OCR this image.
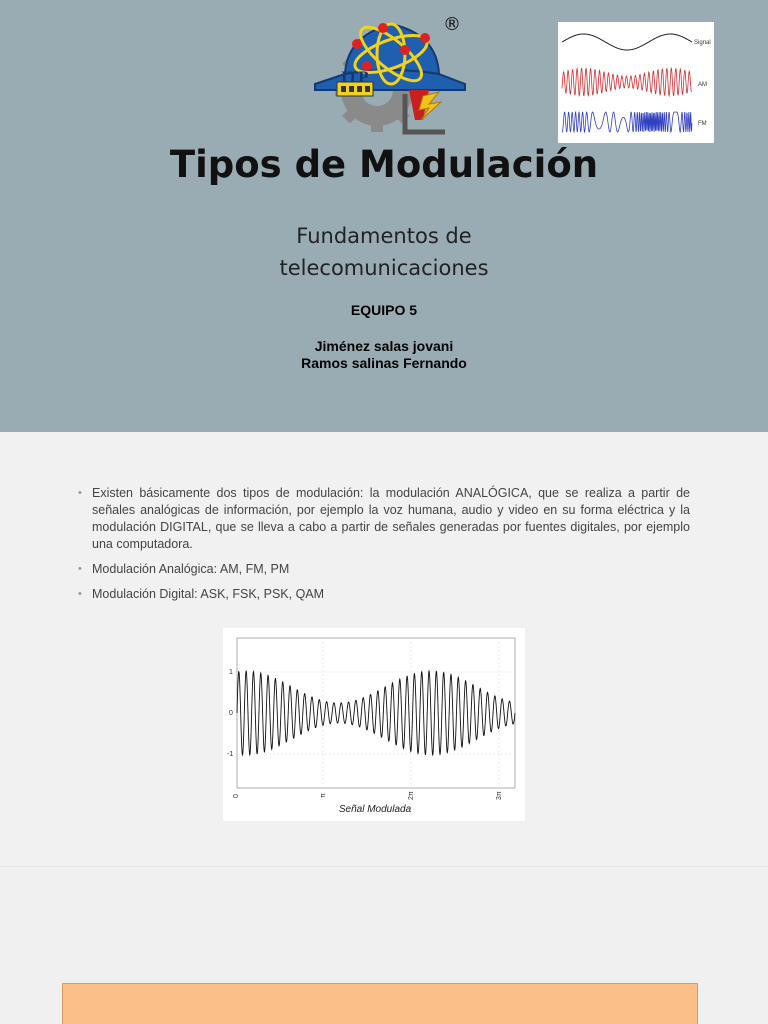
ITP
®
Signal
AM
FM
Tipos de Modulación
Fundamentos de
telecomunicaciones
EQUIPO 5
Jiménez salas jovani
Ramos salinas Fernando
• Existen básicamente dos tipos de modulación: la modulación ANALÓGICA, que se realiza a partir de señales analógicas de información, por ejemplo la voz humana, audio y video en su forma eléctrica y la modulación DIGITAL, que se lleva a cabo a partir de señales generadas por fuentes digitales, por ejemplo una computadora.
• Modulación Analógica: AM, FM, PM
• Modulación Digital: ASK, FSK, PSK, QAM
1
0
-1
0	π	2π	3π
Señal Modulada
